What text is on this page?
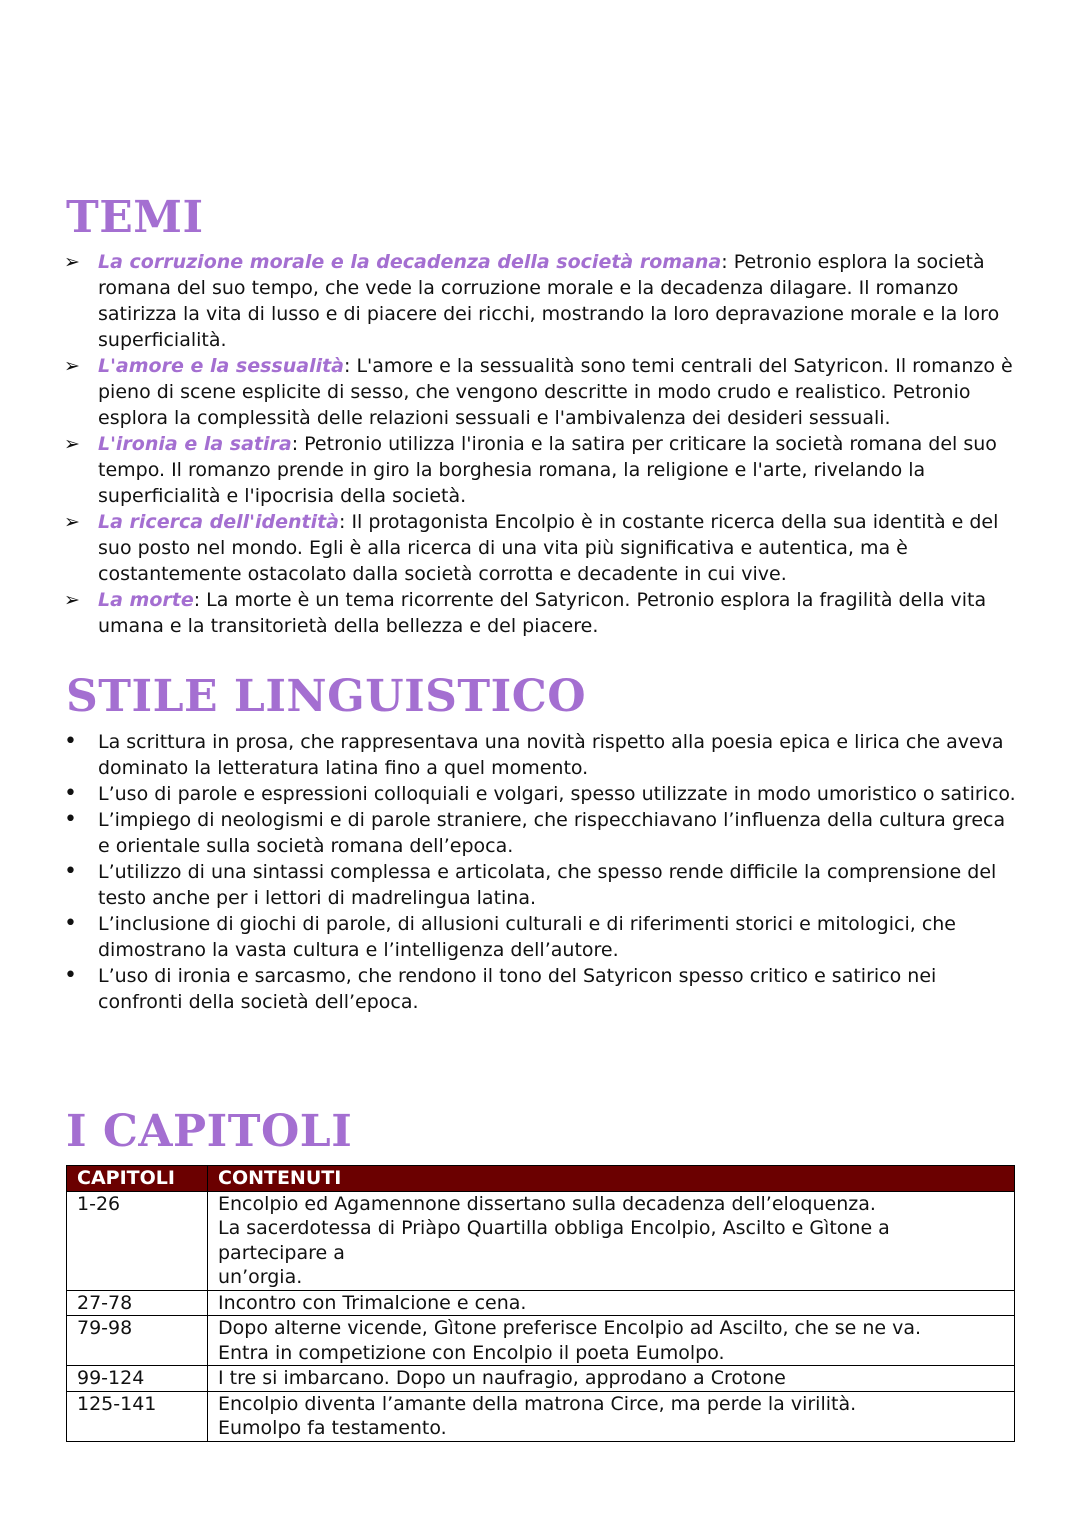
TEMI
➢ La corruzione morale e la decadenza della società romana: Petronio esplora la società romana del suo tempo, che vede la corruzione morale e la decadenza dilagare. Il romanzo satirizza la vita di lusso e di piacere dei ricchi, mostrando la loro depravazione morale e la loro superficialità.
➢ L'amore e la sessualità: L'amore e la sessualità sono temi centrali del Satyricon. Il romanzo è pieno di scene esplicite di sesso, che vengono descritte in modo crudo e realistico. Petronio esplora la complessità delle relazioni sessuali e l'ambivalenza dei desideri sessuali.
➢ L'ironia e la satira: Petronio utilizza l'ironia e la satira per criticare la società romana del suo tempo. Il romanzo prende in giro la borghesia romana, la religione e l'arte, rivelando la superficialità e l'ipocrisia della società.
➢ La ricerca dell'identità: Il protagonista Encolpio è in costante ricerca della sua identità e del suo posto nel mondo. Egli è alla ricerca di una vita più significativa e autentica, ma è costantemente ostacolato dalla società corrotta e decadente in cui vive.
➢ La morte: La morte è un tema ricorrente del Satyricon. Petronio esplora la fragilità della vita umana e la transitorietà della bellezza e del piacere.
STILE LINGUISTICO
•	La scrittura in prosa, che rappresentava una novità rispetto alla poesia epica e lirica che aveva dominato la letteratura latina fino a quel momento.
•	L’uso di parole e espressioni colloquiali e volgari, spesso utilizzate in modo umoristico o satirico.
•	L’impiego di neologismi e di parole straniere, che rispecchiavano l’influenza della cultura greca e orientale sulla società romana dell’epoca.
•	L’utilizzo di una sintassi complessa e articolata, che spesso rende difficile la comprensione del testo anche per i lettori di madrelingua latina.
•	L’inclusione di giochi di parole, di allusioni culturali e di riferimenti storici e mitologici, che dimostrano la vasta cultura e l’intelligenza dell’autore.
•	L’uso di ironia e sarcasmo, che rendono il tono del Satyricon spesso critico e satirico nei confronti della società dell’epoca.
I CAPITOLI
CAPITOLI	CONTENUTI
1-26	Encolpio ed Agamennone dissertano sulla decadenza dell’eloquenza.
La sacerdotessa di Priàpo Quartilla obbliga Encolpio, Ascilto e Gìtone a partecipare a
un’orgia.

27-78	Incontro con Trimalcione e cena.

79-98	Dopo alterne vicende, Gìtone preferisce Encolpio ad Ascilto, che se ne va.
Entra in competizione con Encolpio il poeta Eumolpo.

99-124	I tre si imbarcano. Dopo un naufragio, approdano a Crotone

125-141	Encolpio diventa l’amante della matrona Circe, ma perde la virilità.
Eumolpo fa testamento.
